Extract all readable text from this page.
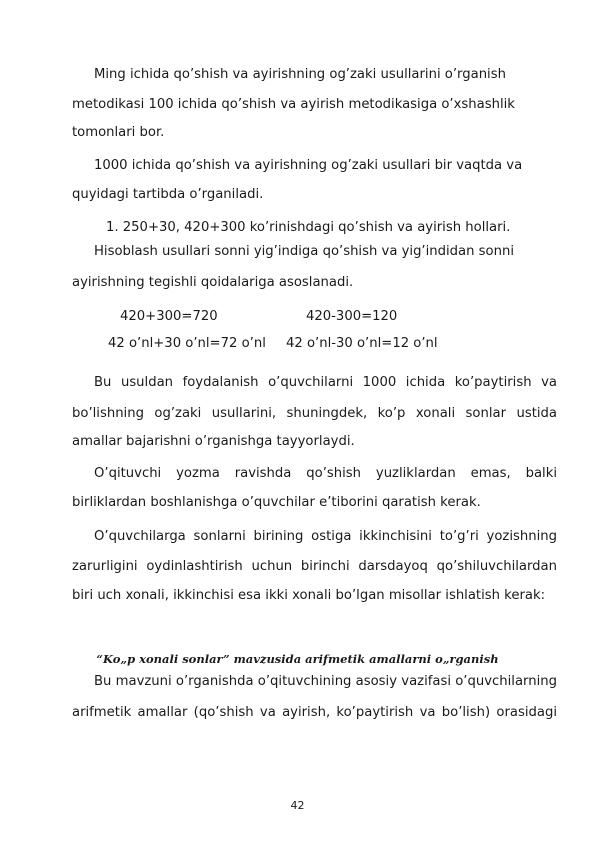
Ming ichida qo’shish va ayirishning og’zaki usullarini o’rganish
metodikasi 100 ichida qo’shish va ayirish metodikasiga o’xshashlik
tomonlari bor.
1000 ichida qo’shish va ayirishning og’zaki usullari bir vaqtda va
quyidagi tartibda o’rganiladi.
1. 250+30, 420+300 ko’rinishdagi qo’shish va ayirish hollari.
Hisoblash usullari sonni yig’indiga qo’shish va yig’indidan sonni
ayirishning tegishli qoidalariga asoslanadi.
420+300=720	420-300=120
42 o’nl+30 o’nl=72 o’nl 42 o’nl-30 o’nl=12 o’nl
Bu usuldan foydalanish o’quvchilarni 1000 ichida ko’paytirish va
bo’lishning og’zaki usullarini, shuningdek, ko’p xonali sonlar ustida
amallar bajarishni o’rganishga tayyorlaydi.
O’qituvchi yozma ravishda qo’shish yuzliklardan emas, balki
birliklardan boshlanishga o’quvchilar e’tiborini qaratish kerak.
O’quvchilarga sonlarni birining ostiga ikkinchisini to’g’ri yozishning
zarurligini oydinlashtirish uchun birinchi darsdayoq qo’shiluvchilardan
biri uch xonali, ikkinchisi esa ikki xonali bo’lgan misollar ishlatish kerak:
“Ko„p xonali sonlar” mavzusida arifmetik amallarni o„rganish
Bu mavzuni o’rganishda o’qituvchining asosiy vazifasi o’quvchilarning
arifmetik amallar (qo’shish va ayirish, ko’paytirish va bo’lish) orasidagi
42
